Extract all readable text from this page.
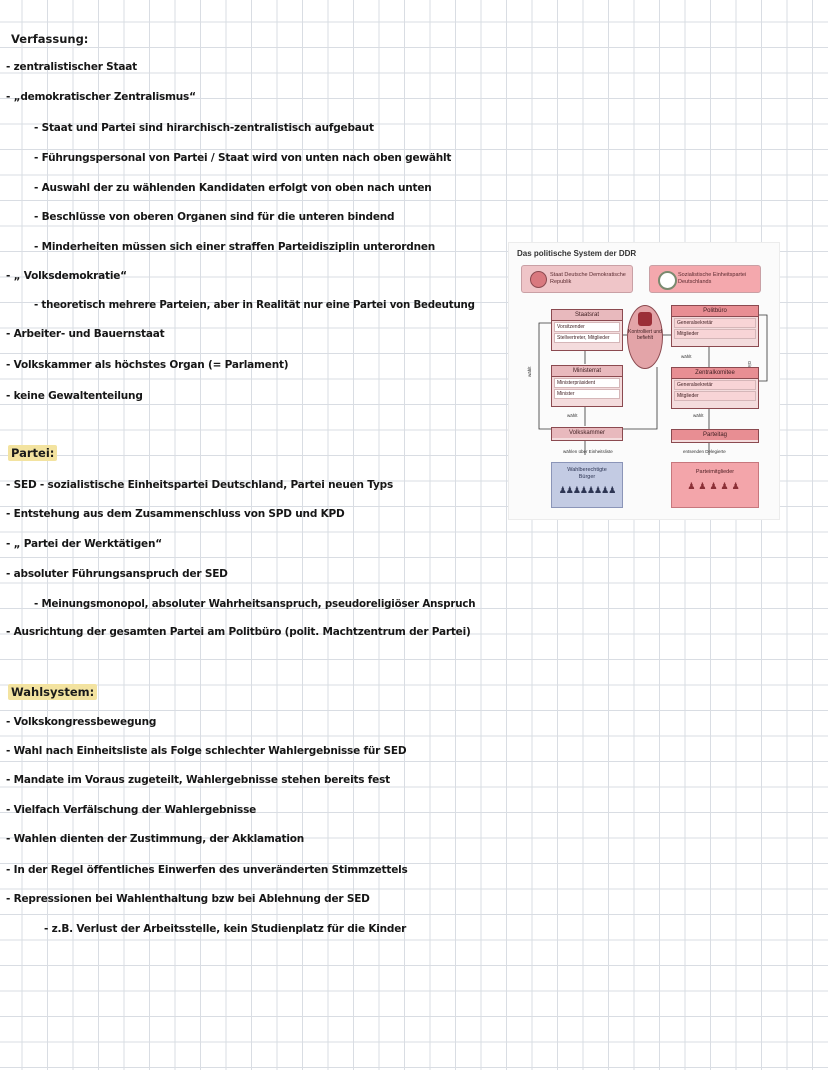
Verfassung:
- zentralistischer Staat
- „demokratischer Zentralismus“
- Staat und Partei sind hirarchisch-zentralistisch aufgebaut
- Führungspersonal von Partei / Staat wird von unten nach oben gewählt
- Auswahl der zu wählenden Kandidaten erfolgt von oben nach unten
- Beschlüsse von oberen Organen sind für die unteren bindend
- Minderheiten müssen sich einer straffen Parteidisziplin unterordnen
- „ Volksdemokratie“
- theoretisch mehrere Parteien, aber in Realität nur eine Partei von Bedeutung
- Arbeiter- und Bauernstaat
- Volkskammer als höchstes Organ (= Parlament)
- keine Gewaltenteilung
Partei:
- SED - sozialistische Einheitspartei Deutschland, Partei neuen Typs
- Entstehung aus dem Zusammenschluss von SPD und KPD
- „ Partei der Werktätigen“
- absoluter Führungsanspruch der SED
- Meinungsmonopol, absoluter Wahrheitsanspruch, pseudoreligiöser Anspruch
- Ausrichtung der gesamten Partei am Politbüro (polit. Machtzentrum der Partei)
Wahlsystem:
- Volkskongressbewegung
- Wahl nach Einheitsliste als Folge schlechter Wahlergebnisse für SED
- Mandate im Voraus zugeteilt, Wahlergebnisse stehen bereits fest
- Vielfach Verfälschung der Wahlergebnisse
- Wahlen dienten der Zustimmung, der Akklamation
- In der Regel öffentliches Einwerfen des unveränderten Stimmzettels
- Repressionen bei Wahlenthaltung bzw bei Ablehnung der SED
- z.B. Verlust der Arbeitsstelle, kein Studienplatz für die Kinder
Das politische System der DDR
Staat Deutsche Demokratische Republik
Sozialistische Einheitspartei Deutschlands
Staatsrat
Vorsitzender
Stellvertreter, Mitglieder
Kontrolliert und befiehlt
Politbüro
Generalsekretär
Mitglieder
wählt
wählt	Ministerrat
Ministerpräsident
Minister
Zentralkomitee
Generalsekretär
Mitglieder
wählt	wählt
Volkskammer	Parteitag
wählen über Einheitsliste	entsenden Delegierte
Wahlberechtigte Bürger
♟♟♟♟♟♟♟♟
Parteimitglieder
♟♟♟♟♟
